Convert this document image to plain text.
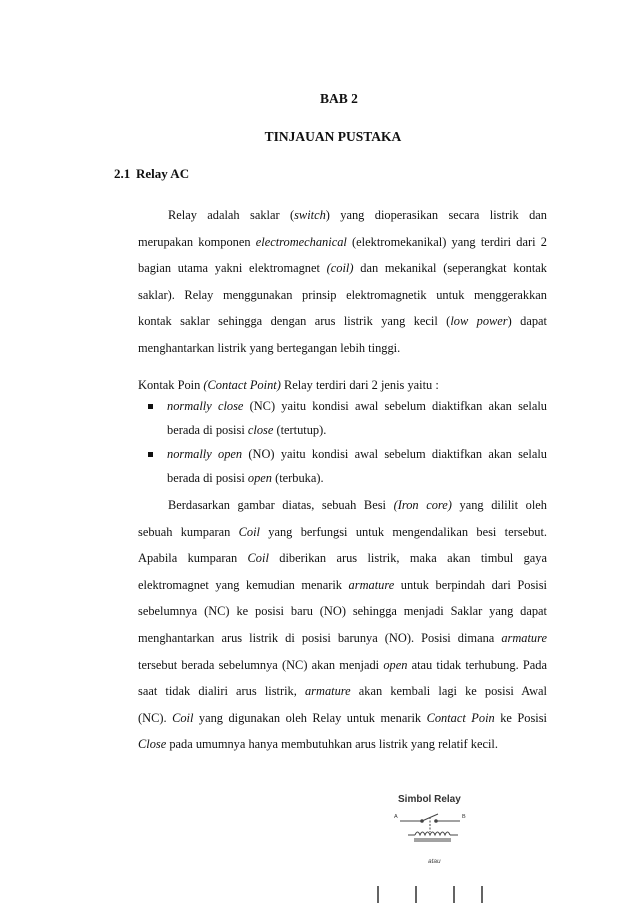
BAB 2
TINJAUAN PUSTAKA
2.1 Relay AC
Relay adalah saklar (switch) yang dioperasikan secara listrik dan
merupakan komponen electromechanical (elektromekanikal) yang terdiri dari 2
bagian utama yakni elektromagnet (coil) dan mekanikal (seperangkat kontak
saklar). Relay menggunakan prinsip elektromagnetik untuk menggerakkan
kontak saklar sehingga dengan arus listrik yang kecil (low power) dapat
menghantarkan listrik yang bertegangan lebih tinggi.
Kontak Poin (Contact Point) Relay terdiri dari 2 jenis yaitu :
normally close (NC) yaitu kondisi awal sebelum diaktifkan akan selalu
berada di posisi close (tertutup).
normally open (NO) yaitu kondisi awal sebelum diaktifkan akan selalu
berada di posisi open (terbuka).
Berdasarkan gambar diatas, sebuah Besi (Iron core) yang dililit oleh
sebuah kumparan Coil yang berfungsi untuk mengendalikan besi tersebut.
Apabila kumparan Coil diberikan arus listrik, maka akan timbul gaya
elektromagnet yang kemudian menarik armature untuk berpindah dari Posisi
sebelumnya (NC) ke posisi baru (NO) sehingga menjadi Saklar yang dapat
menghantarkan arus listrik di posisi barunya (NO). Posisi dimana armature
tersebut berada sebelumnya (NC) akan menjadi open atau tidak terhubung. Pada
saat tidak dialiri arus listrik, armature akan kembali lagi ke posisi Awal
(NC). Coil yang digunakan oleh Relay untuk menarik Contact Poin ke Posisi
Close pada umumnya hanya membutuhkan arus listrik yang relatif kecil.
Simbol Relay
A	B
atau
